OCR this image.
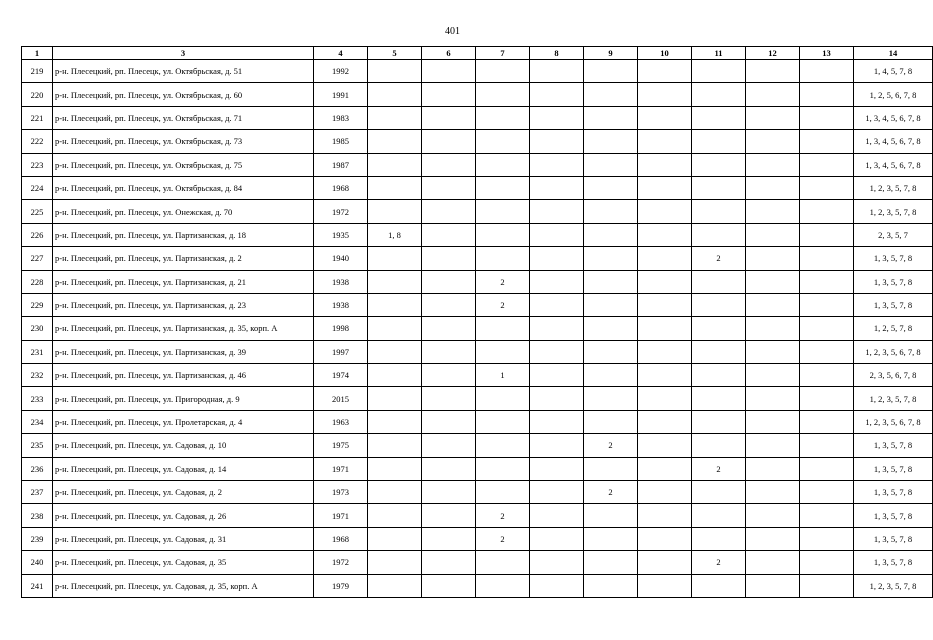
401
1	3	4	5	6	7	8	9	10	11	12	13	14
219	р-н. Плесецкий, рп. Плесецк, ул. Октябрьская, д. 51	1992										1, 4, 5, 7, 8
220	р-н. Плесецкий, рп. Плесецк, ул. Октябрьская, д. 60	1991										1, 2, 5, 6, 7, 8
221	р-н. Плесецкий, рп. Плесецк, ул. Октябрьская, д. 71	1983										1, 3, 4, 5, 6, 7, 8
222	р-н. Плесецкий, рп. Плесецк, ул. Октябрьская, д. 73	1985										1, 3, 4, 5, 6, 7, 8
223	р-н. Плесецкий, рп. Плесецк, ул. Октябрьская, д. 75	1987										1, 3, 4, 5, 6, 7, 8
224	р-н. Плесецкий, рп. Плесецк, ул. Октябрьская, д. 84	1968										1, 2, 3, 5, 7, 8
225	р-н. Плесецкий, рп. Плесецк, ул. Онежская, д. 70	1972										1, 2, 3, 5, 7, 8
226	р-н. Плесецкий, рп. Плесецк, ул. Партизанская, д. 18	1935	1, 8									2, 3, 5, 7
227	р-н. Плесецкий, рп. Плесецк, ул. Партизанская, д. 2	1940							2			1, 3, 5, 7, 8
228	р-н. Плесецкий, рп. Плесецк, ул. Партизанская, д. 21	1938			2							1, 3, 5, 7, 8
229	р-н. Плесецкий, рп. Плесецк, ул. Партизанская, д. 23	1938			2							1, 3, 5, 7, 8
230	р-н. Плесецкий, рп. Плесецк, ул. Партизанская, д. 35, корп. А	1998										1, 2, 5, 7, 8
231	р-н. Плесецкий, рп. Плесецк, ул. Партизанская, д. 39	1997										1, 2, 3, 5, 6, 7, 8
232	р-н. Плесецкий, рп. Плесецк, ул. Партизанская, д. 46	1974			1							2, 3, 5, 6, 7, 8
233	р-н. Плесецкий, рп. Плесецк, ул. Пригородная, д. 9	2015										1, 2, 3, 5, 7, 8
234	р-н. Плесецкий, рп. Плесецк, ул. Пролетарская, д. 4	1963										1, 2, 3, 5, 6, 7, 8
235	р-н. Плесецкий, рп. Плесецк, ул. Садовая, д. 10	1975					2					1, 3, 5, 7, 8
236	р-н. Плесецкий, рп. Плесецк, ул. Садовая, д. 14	1971							2			1, 3, 5, 7, 8
237	р-н. Плесецкий, рп. Плесецк, ул. Садовая, д. 2	1973					2					1, 3, 5, 7, 8
238	р-н. Плесецкий, рп. Плесецк, ул. Садовая, д. 26	1971			2							1, 3, 5, 7, 8
239	р-н. Плесецкий, рп. Плесецк, ул. Садовая, д. 31	1968			2							1, 3, 5, 7, 8
240	р-н. Плесецкий, рп. Плесецк, ул. Садовая, д. 35	1972							2			1, 3, 5, 7, 8
241	р-н. Плесецкий, рп. Плесецк, ул. Садовая, д. 35, корп. А	1979										1, 2, 3, 5, 7, 8
